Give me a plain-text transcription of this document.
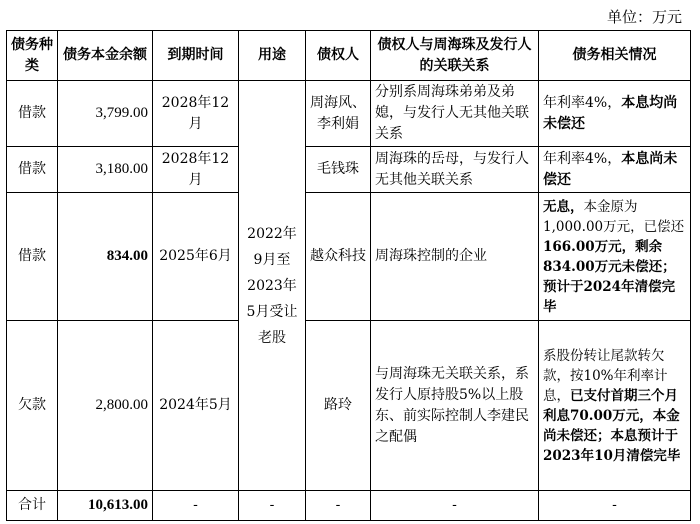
单位：万元
债务种类	债务本金余额	到期时间	用途	债权人	债权人与周海珠及发行人的关联关系	债务相关情况
借款	3,799.00	2028年12月	2022年9月至2023年5月受让老股	周海风、李利娟	分别系周海珠弟弟及弟媳，与发行人无其他关联关系	年利率4%，本息均尚未偿还
借款	3,180.00	2028年12月		毛钱珠	周海珠的岳母，与发行人无其他关联关系	年利率4%，本息尚未偿还
借款	834.00	2025年6月		越众科技	周海珠控制的企业	无息，本金原为1,000.00万元，已偿还166.00万元，剩余834.00万元未偿还；预计于2024年清偿完毕
欠款	2,800.00	2024年5月		路玲	与周海珠无关联关系，系发行人原持股5%以上股东、前实际控制人李建民之配偶	系股份转让尾款转欠款，按10%年利率计息，已支付首期三个月利息70.00万元，本金尚未偿还；本息预计于2023年10月清偿完毕
合计	10,613.00	-	-	-	-	-
